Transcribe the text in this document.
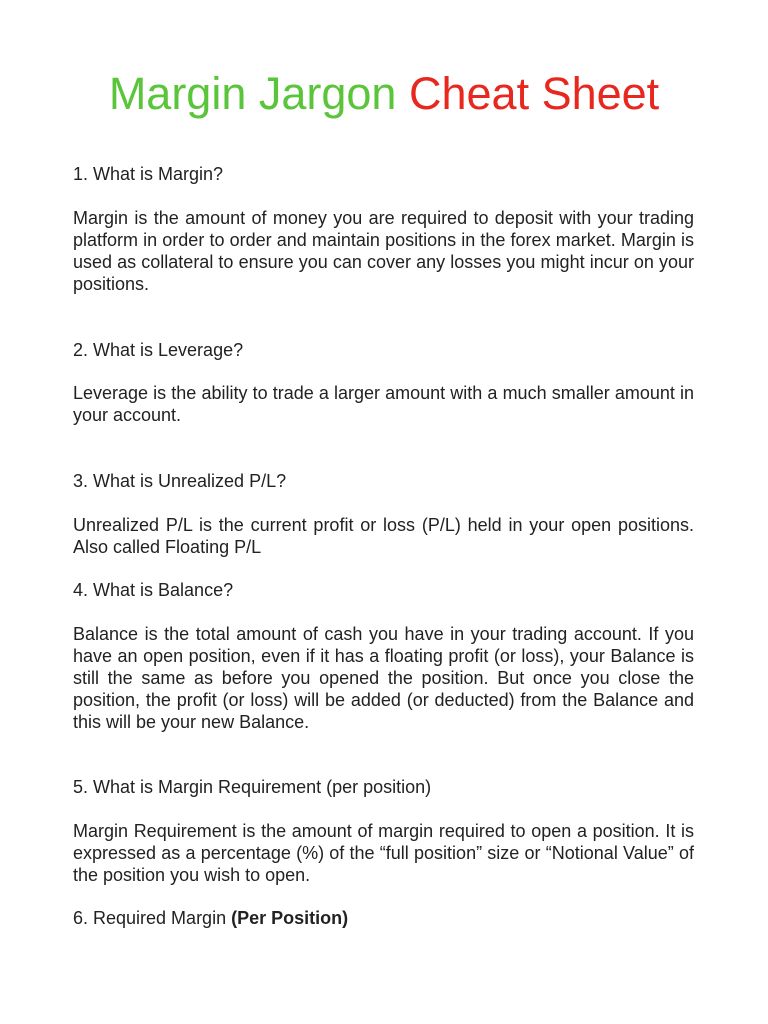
Margin Jargon Cheat Sheet

1. What is Margin?

Margin is the amount of money you are required to deposit with your trading platform in order to order and maintain positions in the forex market. Margin is used as collateral to ensure you can cover any losses you might incur on your positions.

2. What is Leverage?

Leverage is the ability to trade a larger amount with a much smaller amount in your account.

3. What is Unrealized P/L?

Unrealized P/L is the current profit or loss (P/L) held in your open positions. Also called Floating P/L

4. What is Balance?

Balance is the total amount of cash you have in your trading account. If you have an open position, even if it has a floating profit (or loss), your Balance is still the same as before you opened the position. But once you close the position, the profit (or loss) will be added (or deducted) from the Balance and this will be your new Balance.

5. What is Margin Requirement (per position)

Margin Requirement is the amount of margin required to open a position. It is expressed as a percentage (%) of the “full position” size or “Notional Value” of the position you wish to open.

6. Required Margin (Per Position)
